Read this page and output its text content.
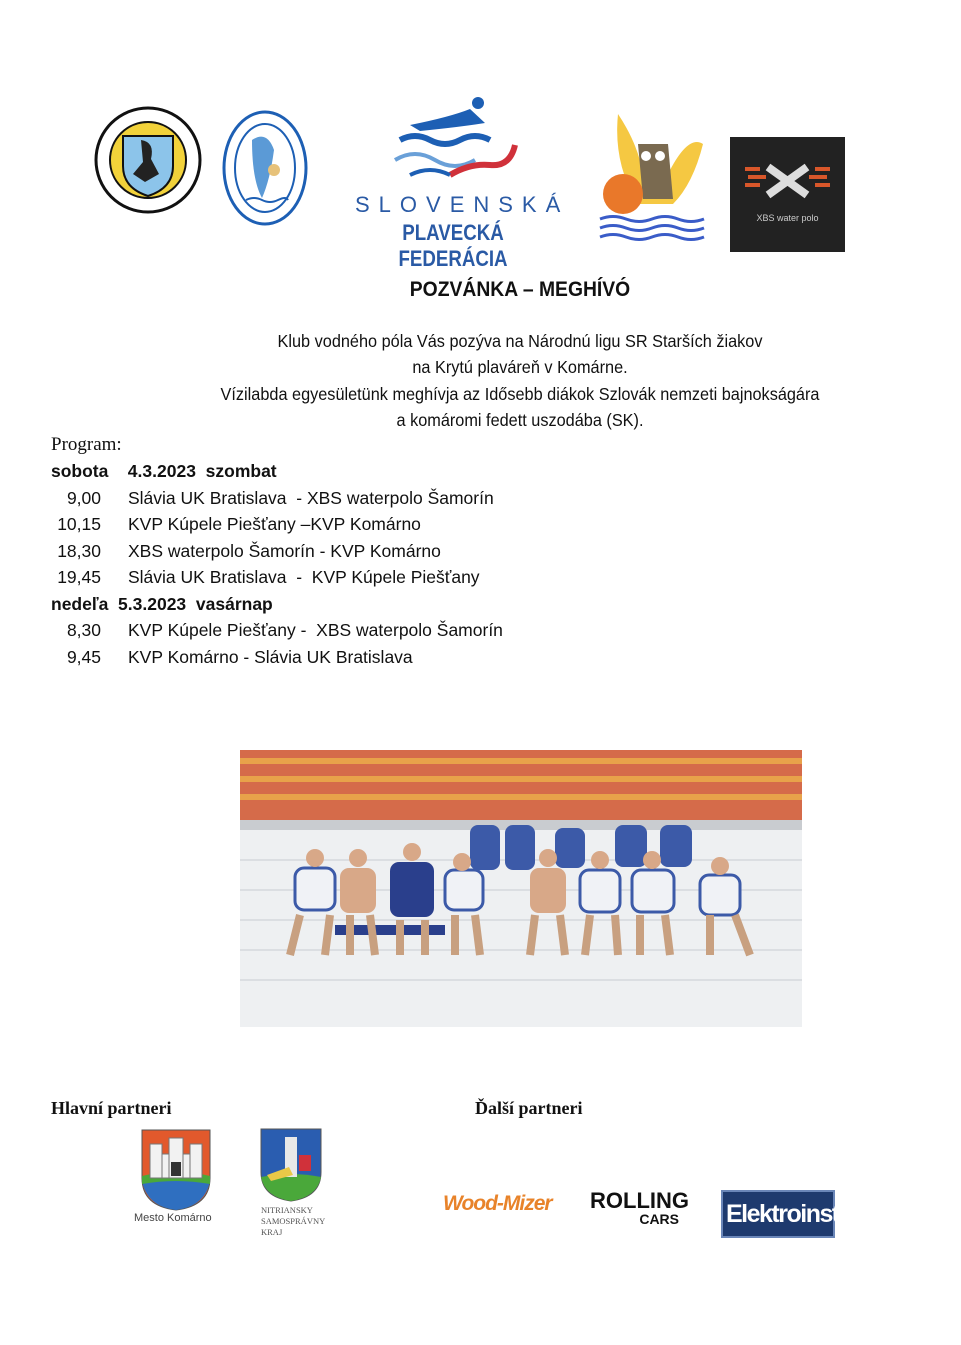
SLOVENSKÁ
PLAVECKÁ FEDERÁCIA
XBS water polo
POZVÁNKA – MEGHÍVÓ
Klub vodného póla Vás pozýva na Národnú ligu SR Starších žiakov
na Krytú plaváreň v Komárne.
Vízilabda egyesületünk meghívja az Idősebb diákok Szlovák nemzeti bajnokságára
a komáromi fedett uszodába (SK).
Program:
sobota    4.3.2023  szombat
9,00 Slávia UK Bratislava  - XBS waterpolo Šamorín
10,15 KVP Kúpele Piešťany –KVP Komárno
18,30 XBS waterpolo Šamorín - KVP Komárno
19,45 Slávia UK Bratislava  -  KVP Kúpele Piešťany
nedeľa  5.3.2023  vasárnap
8,30 KVP Kúpele Piešťany -  XBS waterpolo Šamorín
9,45 KVP Komárno - Slávia UK Bratislava
Hlavní partneri	Ďalší partneri
Mesto Komárno
NITRIANSKY
SAMOSPRÁVNY
KRAJ
Wood-Mizer ROLLING
CARS	Elektroinsts.r.o.
